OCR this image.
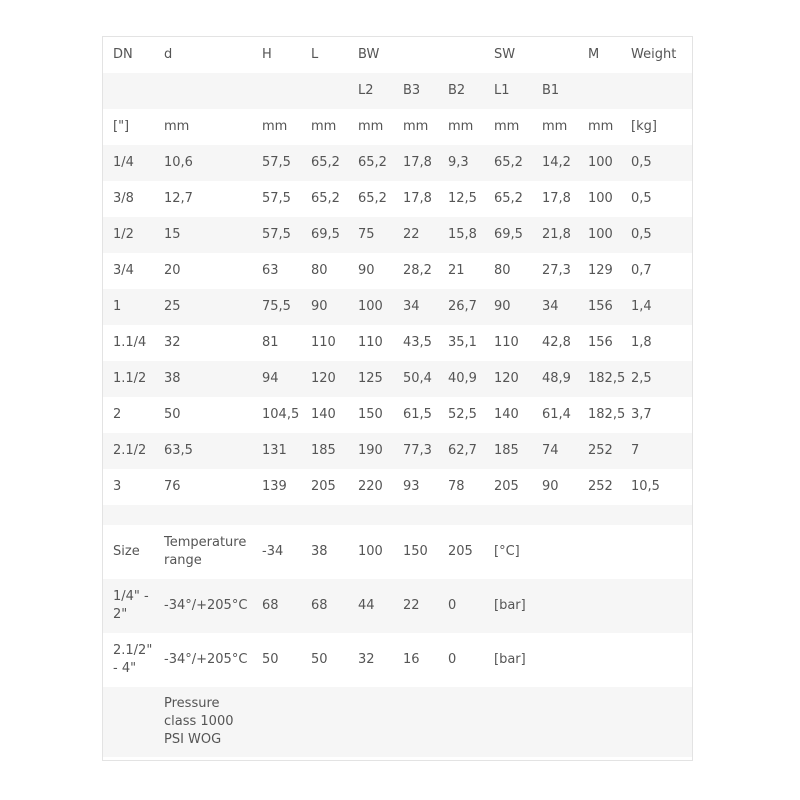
DN	d	H	L	BW			SW		M	Weight
				L2	B3	B2	L1	B1		
["]	mm	mm	mm	mm	mm	mm	mm	mm	mm	[kg]
1/4	10,6	57,5	65,2	65,2	17,8	9,3	65,2	14,2	100	0,5
3/8	12,7	57,5	65,2	65,2	17,8	12,5	65,2	17,8	100	0,5
1/2	15	57,5	69,5	75	22	15,8	69,5	21,8	100	0,5
3/4	20	63	80	90	28,2	21	80	27,3	129	0,7
1	25	75,5	90	100	34	26,7	90	34	156	1,4
1.1/4	32	81	110	110	43,5	35,1	110	42,8	156	1,8
1.1/2	38	94	120	125	50,4	40,9	120	48,9	182,5	2,5
2	50	104,5	140	150	61,5	52,5	140	61,4	182,5	3,7
2.1/2	63,5	131	185	190	77,3	62,7	185	74	252	7
3	76	139	205	220	93	78	205	90	252	10,5

Size	Temperature range	-34	38	100	150	205	[°C]			
1/4" - 2"	-34°/+205°C	68	68	44	22	0	[bar]			
2.1/2" - 4"	-34°/+205°C	50	50	32	16	0	[bar]			
	Pressure class 1000 PSI WOG									
